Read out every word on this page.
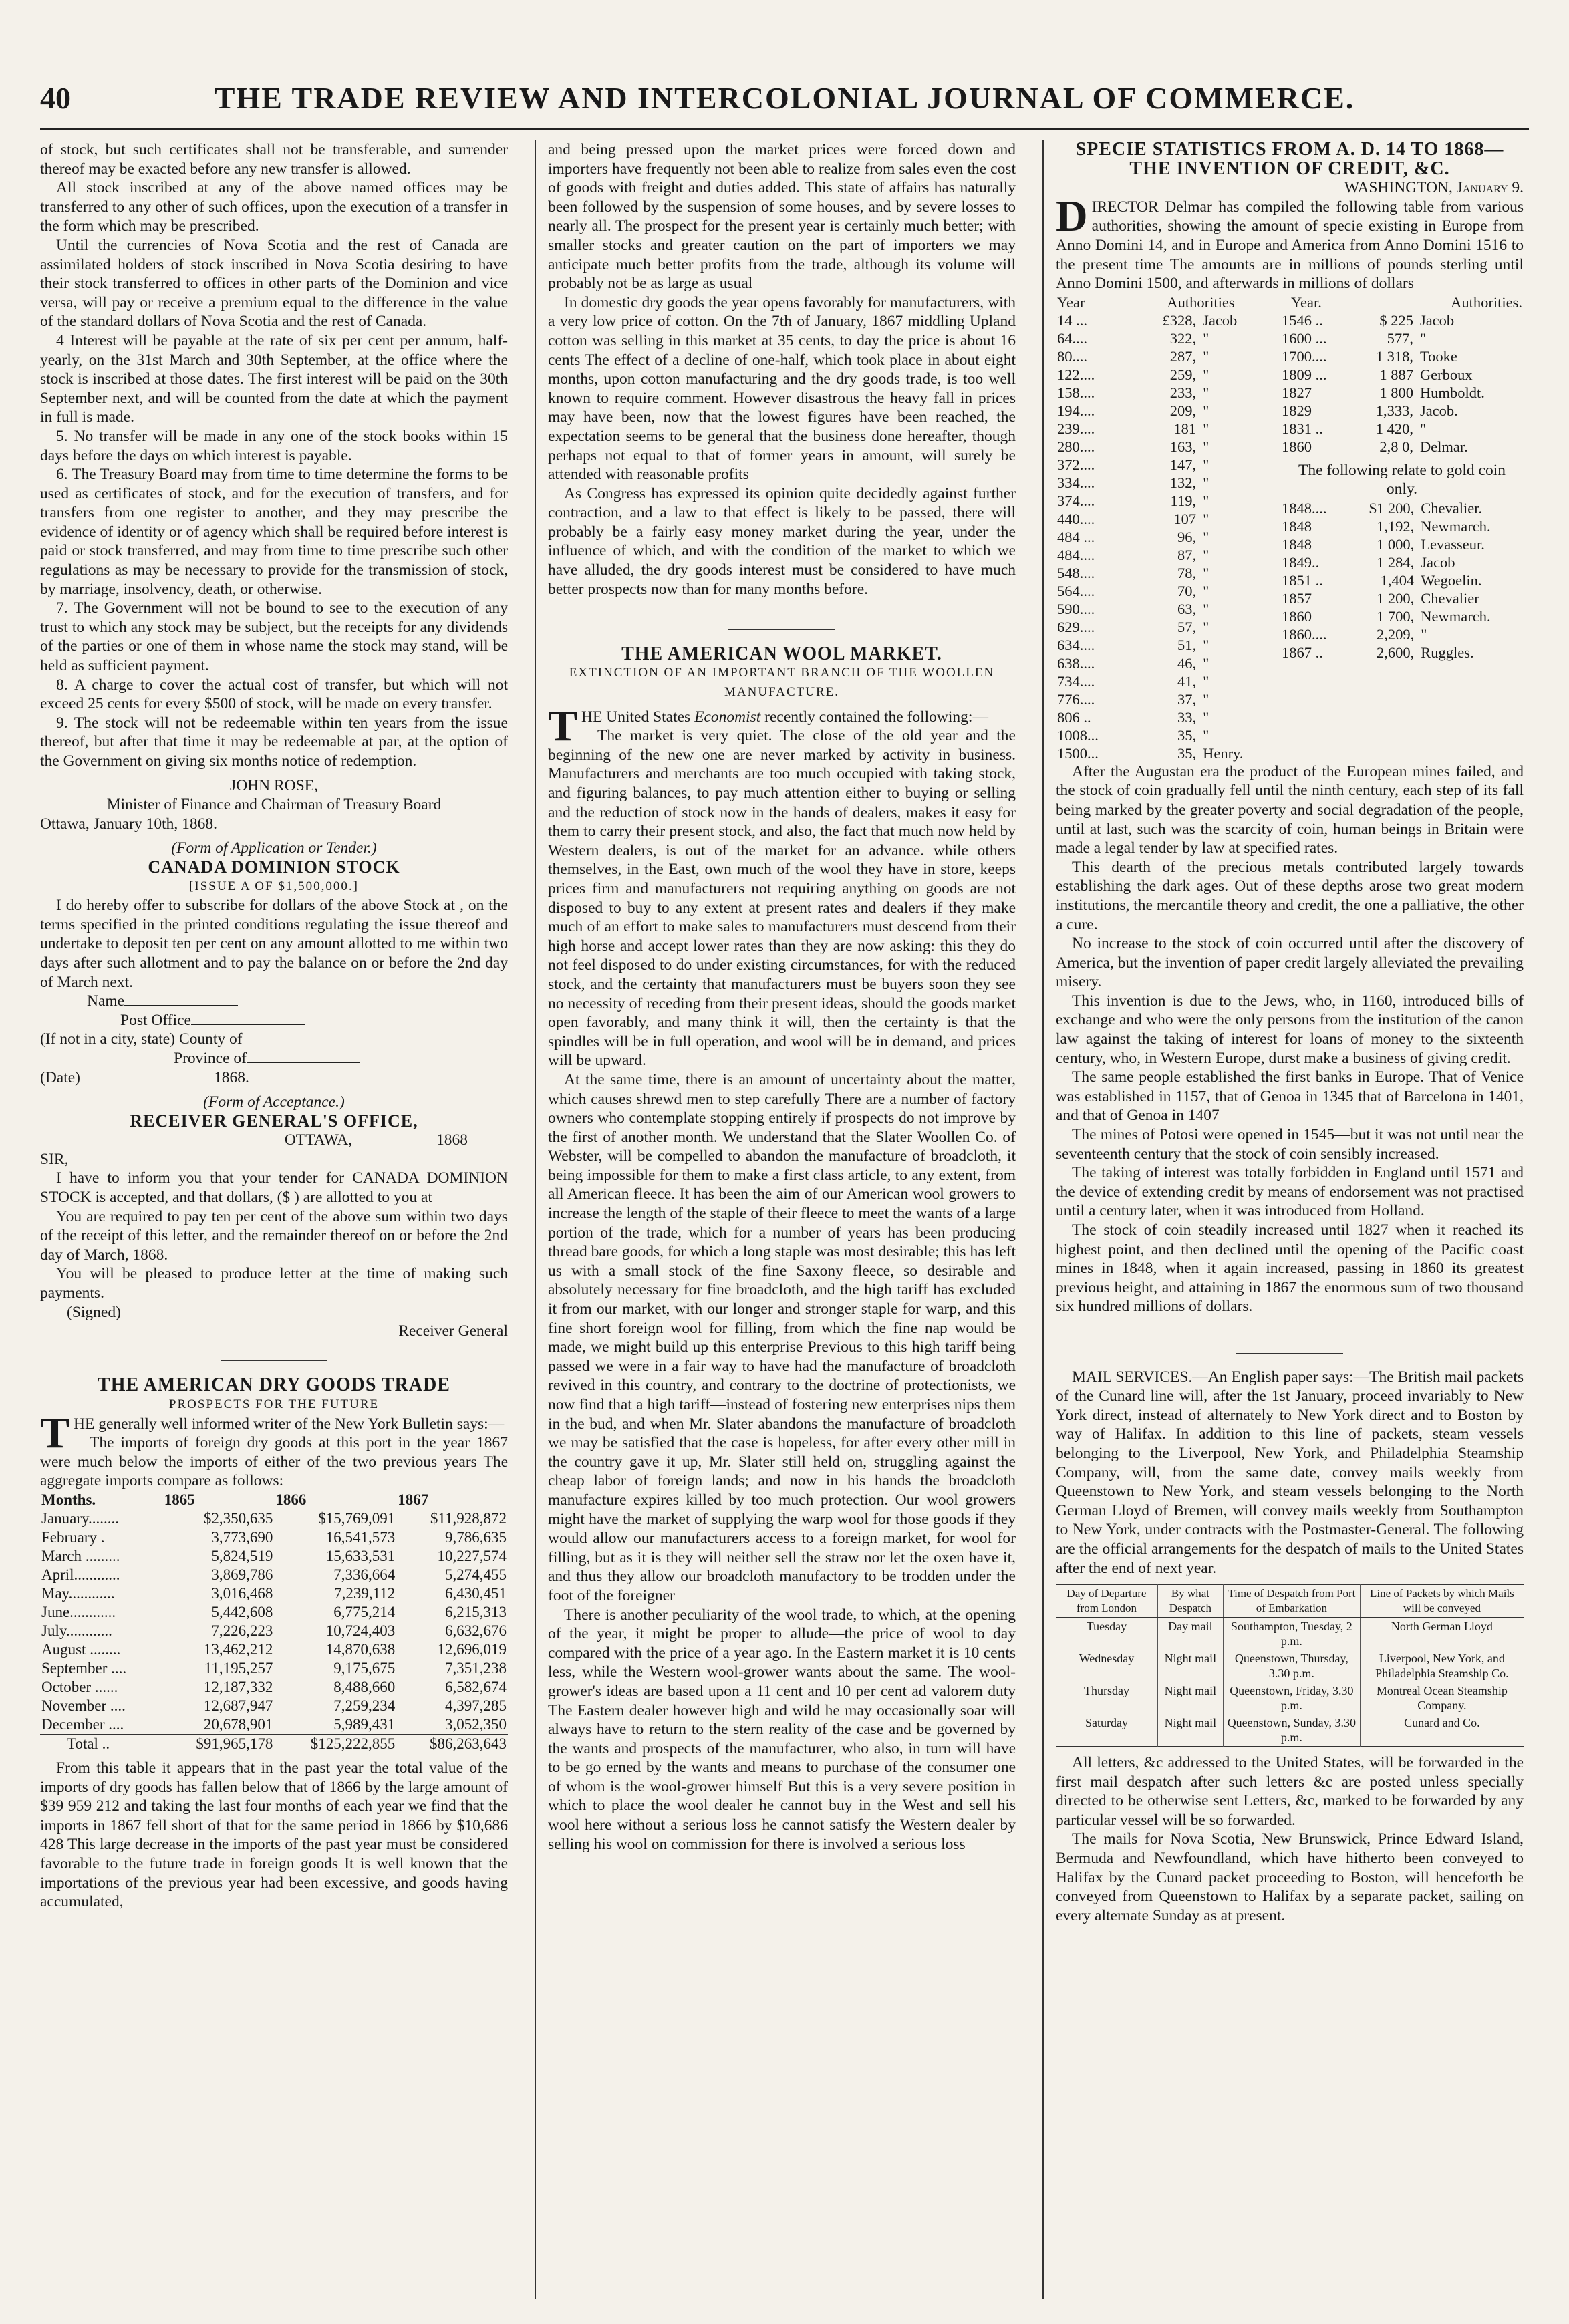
THE TRADE REVIEW AND INTERCOLONIAL JOURNAL OF COMMERCE.
40

of stock, but such certificates shall not be transferable, and surrender thereof may be exacted before any new transfer is allowed.

All stock inscribed at any of the above named offices may be transferred to any other of such offices, upon the execution of a transfer in the form which may be prescribed.

Until the currencies of Nova Scotia and the rest of Canada are assimilated holders of stock inscribed in Nova Scotia desiring to have their stock transferred to offices in other parts of the Dominion and vice versa, will pay or receive a premium equal to the difference in the value of the standard dollars of Nova Scotia and the rest of Canada.

4 Interest will be payable at the rate of six per cent per annum, half-yearly, on the 31st March and 30th September, at the office where the stock is inscribed at those dates. The first interest will be paid on the 30th September next, and will be counted from the date at which the payment in full is made.

5. No transfer will be made in any one of the stock books within 15 days before the days on which interest is payable.

6. The Treasury Board may from time to time determine the forms to be used as certificates of stock, and for the execution of transfers, and for transfers from one register to another, and they may prescribe the evidence of identity or of agency which shall be required before interest is paid or stock transferred, and may from time to time prescribe such other regulations as may be necessary to provide for the transmission of stock, by marriage, insolvency, death, or otherwise.

7. The Government will not be bound to see to the execution of any trust to which any stock may be subject, but the receipts for any dividends of the parties or one of them in whose name the stock may stand, will be held as sufficient payment.

8. A charge to cover the actual cost of transfer, but which will not exceed 25 cents for every $500 of stock, will be made on every transfer.

9. The stock will not be redeemable within ten years from the issue thereof, but after that time it may be redeemable at par, at the option of the Government on giving six months notice of redemption.

JOHN ROSE,

Minister of Finance and Chairman of Treasury Board

Ottawa, January 10th, 1868.

(Form of Application or Tender.)

CANADA DOMINION STOCK

[ISSUE A OF $1,500,000.]

I do hereby offer to subscribe for dollars of the above Stock at , on the terms specified in the printed conditions regulating the issue thereof and undertake to deposit ten per cent on any amount allotted to me within two days after such allotment and to pay the balance on or before the 2nd day of March next.

Name

Post Office

(If not in a city, state) County of

Province of

(Date)	1868.

(Form of Acceptance.)

RECEIVER GENERAL'S OFFICE,

OTTAWA,	1868

SIR,

I have to inform you that your tender for CANADA DOMINION STOCK is accepted, and that dollars, ($ ) are allotted to you at

You are required to pay ten per cent of the above sum within two days of the receipt of this letter, and the remainder thereof on or before the 2nd day of March, 1868.

You will be pleased to produce letter at the time of making such payments.

(Signed)

Receiver General

THE AMERICAN DRY GOODS TRADE

PROSPECTS FOR THE FUTURE

THE generally well informed writer of the New York Bulletin says:—

The imports of foreign dry goods at this port in the year 1867 were much below the imports of either of the two previous years The aggregate imports compare as follows:

Months.	1865	1866	1867
January........	$2,350,635	$15,769,091	$11,928,872
February .	3,773,690	16,541,573	9,786,635
March .........	5,824,519	15,633,531	10,227,574
April............	3,869,786	7,336,664	5,274,455
May............	3,016,468	7,239,112	6,430,451
June............	5,442,608	6,775,214	6,215,313
July............	7,226,223	10,724,403	6,632,676
August ........	13,462,212	14,870,638	12,696,019
September ....	11,195,257	9,175,675	7,351,238
October ......	12,187,332	8,488,660	6,582,674
November ....	12,687,947	7,259,234	4,397,285
December ....	20,678,901	5,989,431	3,052,350
Total ..	$91,965,178	$125,222,855	$86,263,643

From this table it appears that in the past year the total value of the imports of dry goods has fallen below that of 1866 by the large amount of $39 959 212 and taking the last four months of each year we find that the imports in 1867 fell short of that for the same period in 1866 by $10,686 428 This large decrease in the imports of the past year must be considered favorable to the future trade in foreign goods It is well known that the importations of the previous year had been excessive, and goods having accumulated,

and being pressed upon the market prices were forced down and importers have frequently not been able to realize from sales even the cost of goods with freight and duties added. This state of affairs has naturally been followed by the suspension of some houses, and by severe losses to nearly all. The prospect for the present year is certainly much better; with smaller stocks and greater caution on the part of importers we may anticipate much better profits from the trade, although its volume will probably not be as large as usual

In domestic dry goods the year opens favorably for manufacturers, with a very low price of cotton. On the 7th of January, 1867 middling Upland cotton was selling in this market at 35 cents, to day the price is about 16 cents The effect of a decline of one-half, which took place in about eight months, upon cotton manufacturing and the dry goods trade, is too well known to require comment. However disastrous the heavy fall in prices may have been, now that the lowest figures have been reached, the expectation seems to be general that the business done hereafter, though perhaps not equal to that of former years in amount, will surely be attended with reasonable profits

As Congress has expressed its opinion quite decidedly against further contraction, and a law to that effect is likely to be passed, there will probably be a fairly easy money market during the year, under the influence of which, and with the condition of the market to which we have alluded, the dry goods interest must be considered to have much better prospects now than for many months before.

THE AMERICAN WOOL MARKET.

EXTINCTION OF AN IMPORTANT BRANCH OF THE WOOLLEN MANUFACTURE.

THE United States Economist recently contained the following:—

The market is very quiet. The close of the old year and the beginning of the new one are never marked by activity in business. Manufacturers and merchants are too much occupied with taking stock, and figuring balances, to pay much attention either to buying or selling and the reduction of stock now in the hands of dealers, makes it easy for them to carry their present stock, and also, the fact that much now held by Western dealers, is out of the market for an advance. while others themselves, in the East, own much of the wool they have in store, keeps prices firm and manufacturers not requiring anything on goods are not disposed to buy to any extent at present rates and dealers if they make much of an effort to make sales to manufacturers must descend from their high horse and accept lower rates than they are now asking: this they do not feel disposed to do under existing circumstances, for with the reduced stock, and the certainty that manufacturers must be buyers soon they see no necessity of receding from their present ideas, should the goods market open favorably, and many think it will, then the certainty is that the spindles will be in full operation, and wool will be in demand, and prices will be upward.

At the same time, there is an amount of uncertainty about the matter, which causes shrewd men to step carefully There are a number of factory owners who contemplate stopping entirely if prospects do not improve by the first of another month. We understand that the Slater Woollen Co. of Webster, will be compelled to abandon the manufacture of broadcloth, it being impossible for them to make a first class article, to any extent, from all American fleece. It has been the aim of our American wool growers to increase the length of the staple of their fleece to meet the wants of a large portion of the trade, which for a number of years has been producing thread bare goods, for which a long staple was most desirable; this has left us with a small stock of the fine Saxony fleece, so desirable and absolutely necessary for fine broadcloth, and the high tariff has excluded it from our market, with our longer and stronger staple for warp, and this fine short foreign wool for filling, from which the fine nap would be made, we might build up this enterprise Previous to this high tariff being passed we were in a fair way to have had the manufacture of broadcloth revived in this country, and contrary to the doctrine of protectionists, we now find that a high tariff—instead of fostering new enterprises nips them in the bud, and when Mr. Slater abandons the manufacture of broadcloth we may be satisfied that the case is hopeless, for after every other mill in the country gave it up, Mr. Slater still held on, struggling against the cheap labor of foreign lands; and now in his hands the broadcloth manufacture expires killed by too much protection. Our wool growers might have the market of supplying the warp wool for those goods if they would allow our manufacturers access to a foreign market, for wool for filling, but as it is they will neither sell the straw nor let the oxen have it, and thus they allow our broadcloth manufactory to be trodden under the foot of the foreigner

There is another peculiarity of the wool trade, to which, at the opening of the year, it might be proper to allude—the price of wool to day compared with the price of a year ago. In the Eastern market it is 10 cents less, while the Western wool-grower wants about the same. The wool-grower's ideas are based upon a 11 cent and 10 per cent ad valorem duty The Eastern dealer however high and wild he may occasionally soar will always have to return to the stern reality of the case and be governed by the wants and prospects of the manufacturer, who also, in turn will have to be go erned by the wants and means to purchase of the consumer one of whom is the wool-grower himself But this is a very severe position in which to place the wool dealer he cannot buy in the West and sell his wool here without a serious loss he cannot satisfy the Western dealer by selling his wool on commission for there is involved a serious loss

SPECIE STATISTICS FROM A. D. 14 TO 1868— THE INVENTION OF CREDIT, &C.

WASHINGTON, January 9.

DIRECTOR Delmar has compiled the following table from various authorities, showing the amount of specie existing in Europe from Anno Domini 14, and in Europe and America from Anno Domini 1516 to the present time The amounts are in millions of pounds sterling until Anno Domini 1500, and afterwards in millions of dollars

Year	Authorities	Year.	Authorities.
14 ...	£328,	Jacob
64....	322,	"
80....	287,	"
122....	259,	"
158....	233,	"
194....	209,	"
239....	181	"
280....	163,	"
372....	147,	"
334....	132,	"
374....	119,	"
440....	107	"
484 ...	96,	"
484....	87,	"
548....	78,	"
564....	70,	"
590....	63,	"
629....	57,	"
634....	51,	"
638....	46,	"
734....	41,	"
776....	37,	"
806 ..	33,	"
1008...	35,	"
1500...	35,	Henry.
1546 ..	$ 225	Jacob
1600 ...	577,	"
1700....	1 318,	Tooke
1809 ...	1 887	Gerboux
1827	1 800	Humboldt.
1829	1,333,	Jacob.
1831 ..	1 420,	"
1860	2,8 0,	Delmar.

The following relate to gold coin only.

1848....	$1 200,	Chevalier.
1848	1,192,	Newmarch.
1848	1 000,	Levasseur.
1849..	1 284,	Jacob
1851 ..	1,404	Wegoelin.
1857	1 200,	Chevalier
1860	1 700,	Newmarch.
1860....	2,209,	"
1867 ..	2,600,	Ruggles.

After the Augustan era the product of the European mines failed, and the stock of coin gradually fell until the ninth century, each step of its fall being marked by the greater poverty and social degradation of the people, until at last, such was the scarcity of coin, human beings in Britain were made a legal tender by law at specified rates.

This dearth of the precious metals contributed largely towards establishing the dark ages. Out of these depths arose two great modern institutions, the mercantile theory and credit, the one a palliative, the other a cure.

No increase to the stock of coin occurred until after the discovery of America, but the invention of paper credit largely alleviated the prevailing misery.

This invention is due to the Jews, who, in 1160, introduced bills of exchange and who were the only persons from the institution of the canon law against the taking of interest for loans of money to the sixteenth century, who, in Western Europe, durst make a business of giving credit.

The same people established the first banks in Europe. That of Venice was established in 1157, that of Genoa in 1345 that of Barcelona in 1401, and that of Genoa in 1407

The mines of Potosi were opened in 1545—but it was not until near the seventeenth century that the stock of coin sensibly increased.

The taking of interest was totally forbidden in England until 1571 and the device of extending credit by means of endorsement was not practised until a century later, when it was introduced from Holland.

The stock of coin steadily increased until 1827 when it reached its highest point, and then declined until the opening of the Pacific coast mines in 1848, when it again increased, passing in 1860 its greatest previous height, and attaining in 1867 the enormous sum of two thousand six hundred millions of dollars.

MAIL SERVICES.—An English paper says:—The British mail packets of the Cunard line will, after the 1st January, proceed invariably to New York direct, instead of alternately to New York direct and to Boston by way of Halifax. In addition to this line of packets, steam vessels belonging to the Liverpool, New York, and Philadelphia Steamship Company, will, from the same date, convey mails weekly from Queenstown to New York, and steam vessels belonging to the North German Lloyd of Bremen, will convey mails weekly from Southampton to New York, under contracts with the Postmaster-General. The following are the official arrangements for the despatch of mails to the United States after the end of next year.

Day of Departure from London	By what Despatch	Time of Despatch from Port of Embarkation	Line of Packets by which Mails will be conveyed
Tuesday	Day mail	Southampton, Tuesday, 2 p.m.	North German Lloyd
Wednesday	Night mail	Queenstown, Thursday, 3.30 p.m.	Liverpool, New York, and Philadelphia Steamship Co.
Thursday	Night mail	Queenstown, Friday, 3.30 p.m.	Montreal Ocean Steamship Company.
Saturday	Night mail	Queenstown, Sunday, 3.30 p.m.	Cunard and Co.

All letters, &c addressed to the United States, will be forwarded in the first mail despatch after such letters &c are posted unless specially directed to be otherwise sent Letters, &c, marked to be forwarded by any particular vessel will be so forwarded.

The mails for Nova Scotia, New Brunswick, Prince Edward Island, Bermuda and Newfoundland, which have hitherto been conveyed to Halifax by the Cunard packet proceeding to Boston, will henceforth be conveyed from Queenstown to Halifax by a separate packet, sailing on every alternate Sunday as at present.
